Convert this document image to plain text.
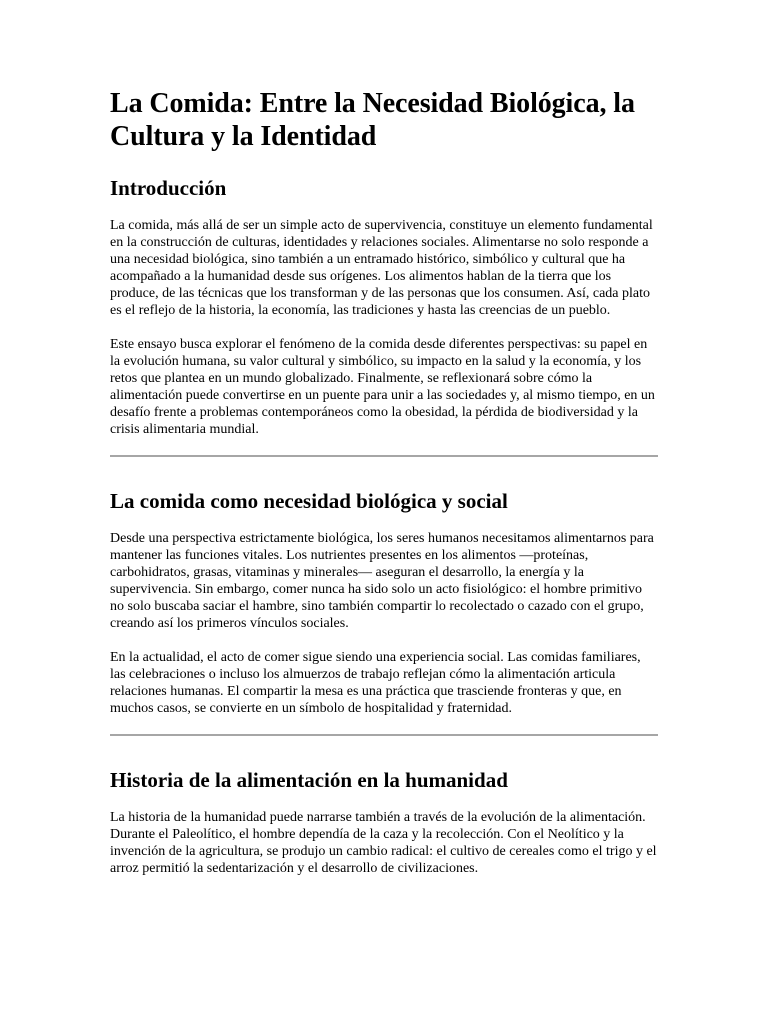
La Comida: Entre la Necesidad Biológica, la Cultura y la Identidad
Introducción

La comida, más allá de ser un simple acto de supervivencia, constituye un elemento fundamental en la construcción de culturas, identidades y relaciones sociales. Alimentarse no solo responde a una necesidad biológica, sino también a un entramado histórico, simbólico y cultural que ha acompañado a la humanidad desde sus orígenes. Los alimentos hablan de la tierra que los produce, de las técnicas que los transforman y de las personas que los consumen. Así, cada plato es el reflejo de la historia, la economía, las tradiciones y hasta las creencias de un pueblo.

Este ensayo busca explorar el fenómeno de la comida desde diferentes perspectivas: su papel en la evolución humana, su valor cultural y simbólico, su impacto en la salud y la economía, y los retos que plantea en un mundo globalizado. Finalmente, se reflexionará sobre cómo la alimentación puede convertirse en un puente para unir a las sociedades y, al mismo tiempo, en un desafío frente a problemas contemporáneos como la obesidad, la pérdida de biodiversidad y la crisis alimentaria mundial.

La comida como necesidad biológica y social

Desde una perspectiva estrictamente biológica, los seres humanos necesitamos alimentarnos para mantener las funciones vitales. Los nutrientes presentes en los alimentos —proteínas, carbohidratos, grasas, vitaminas y minerales— aseguran el desarrollo, la energía y la supervivencia. Sin embargo, comer nunca ha sido solo un acto fisiológico: el hombre primitivo no solo buscaba saciar el hambre, sino también compartir lo recolectado o cazado con el grupo, creando así los primeros vínculos sociales.

En la actualidad, el acto de comer sigue siendo una experiencia social. Las comidas familiares, las celebraciones o incluso los almuerzos de trabajo reflejan cómo la alimentación articula relaciones humanas. El compartir la mesa es una práctica que trasciende fronteras y que, en muchos casos, se convierte en un símbolo de hospitalidad y fraternidad.

Historia de la alimentación en la humanidad

La historia de la humanidad puede narrarse también a través de la evolución de la alimentación. Durante el Paleolítico, el hombre dependía de la caza y la recolección. Con el Neolítico y la invención de la agricultura, se produjo un cambio radical: el cultivo de cereales como el trigo y el arroz permitió la sedentarización y el desarrollo de civilizaciones.
